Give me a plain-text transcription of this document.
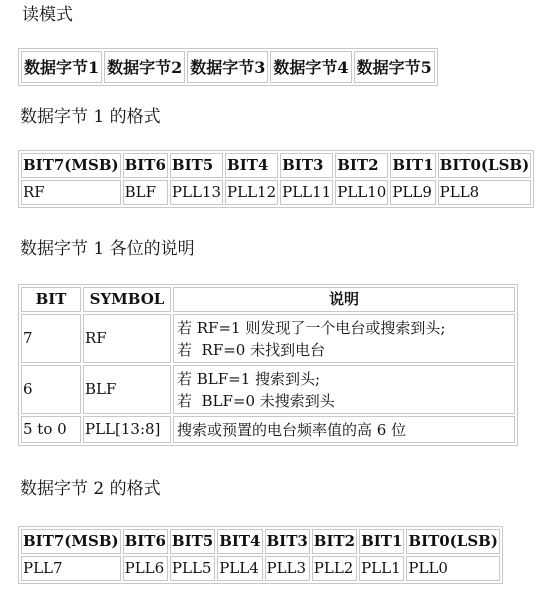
读模式
数据字节1	数据字节2	数据字节3	数据字节4	数据字节5
数据字节 1 的格式
BIT7(MSB)	BIT6	BIT5	BIT4	BIT3	BIT2	BIT1	BIT0(LSB)
RF	BLF	PLL13	PLL12	PLL11	PLL10	PLL9	PLL8
数据字节 1 各位的说明
BIT	SYMBOL	说明
7	RF	若 RF=1 则发现了一个电台或搜索到头;
若  RF=0 未找到电台

6	BLF	若 BLF=1 搜索到头;
若  BLF=0 未搜索到头

5 to 0	PLL[13:8]	搜索或预置的电台频率值的高 6 位
数据字节 2 的格式
BIT7(MSB)	BIT6	BIT5	BIT4	BIT3	BIT2	BIT1	BIT0(LSB)
PLL7	PLL6	PLL5	PLL4	PLL3	PLL2	PLL1	PLL0
